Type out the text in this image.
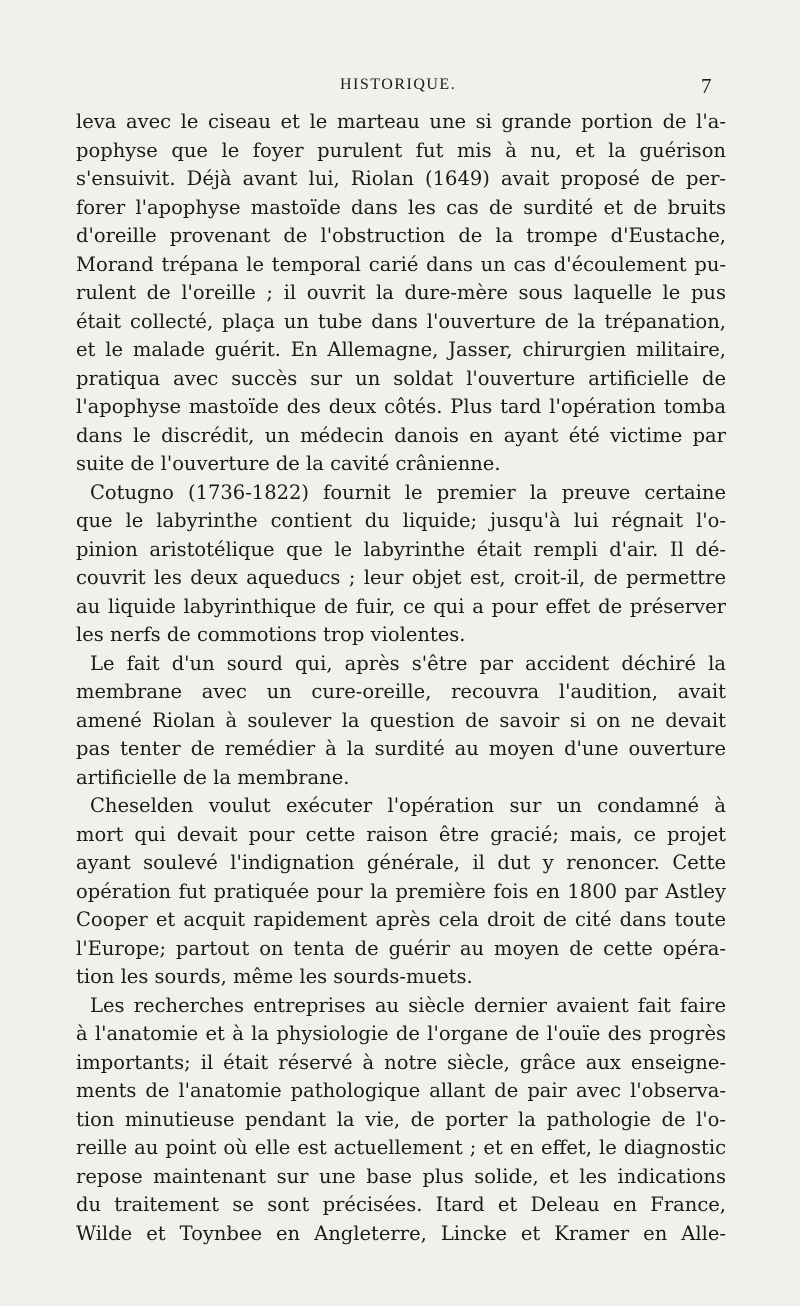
HISTORIQUE.	7
leva avec le ciseau et le marteau une si grande portion de l'a-
pophyse que le foyer purulent fut mis à nu, et la guérison
s'ensuivit. Déjà avant lui, Riolan (1649) avait proposé de per-
forer l'apophyse mastoïde dans les cas de surdité et de bruits
d'oreille provenant de l'obstruction de la trompe d'Eustache,
Morand trépana le temporal carié dans un cas d'écoulement pu-
rulent de l'oreille ; il ouvrit la dure-mère sous laquelle le pus
était collecté, plaça un tube dans l'ouverture de la trépanation,
et le malade guérit. En Allemagne, Jasser, chirurgien militaire,
pratiqua avec succès sur un soldat l'ouverture artificielle de
l'apophyse mastoïde des deux côtés. Plus tard l'opération tomba
dans le discrédit, un médecin danois en ayant été victime par
suite de l'ouverture de la cavité crânienne.
Cotugno (1736-1822) fournit le premier la preuve certaine
que le labyrinthe contient du liquide; jusqu'à lui régnait l'o-
pinion aristotélique que le labyrinthe était rempli d'air. Il dé-
couvrit les deux aqueducs ; leur objet est, croit-il, de permettre
au liquide labyrinthique de fuir, ce qui a pour effet de préserver
les nerfs de commotions trop violentes.
Le fait d'un sourd qui, après s'être par accident déchiré la
membrane avec un cure-oreille, recouvra l'audition, avait
amené Riolan à soulever la question de savoir si on ne devait
pas tenter de remédier à la surdité au moyen d'une ouverture
artificielle de la membrane.
Cheselden voulut exécuter l'opération sur un condamné à
mort qui devait pour cette raison être gracié; mais, ce projet
ayant soulevé l'indignation générale, il dut y renoncer. Cette
opération fut pratiquée pour la première fois en 1800 par Astley
Cooper et acquit rapidement après cela droit de cité dans toute
l'Europe; partout on tenta de guérir au moyen de cette opéra-
tion les sourds, même les sourds-muets.
Les recherches entreprises au siècle dernier avaient fait faire
à l'anatomie et à la physiologie de l'organe de l'ouïe des progrès
importants; il était réservé à notre siècle, grâce aux enseigne-
ments de l'anatomie pathologique allant de pair avec l'observa-
tion minutieuse pendant la vie, de porter la pathologie de l'o-
reille au point où elle est actuellement ; et en effet, le diagnostic
repose maintenant sur une base plus solide, et les indications
du traitement se sont précisées. Itard et Deleau en France,
Wilde et Toynbee en Angleterre, Lincke et Kramer en Alle-
